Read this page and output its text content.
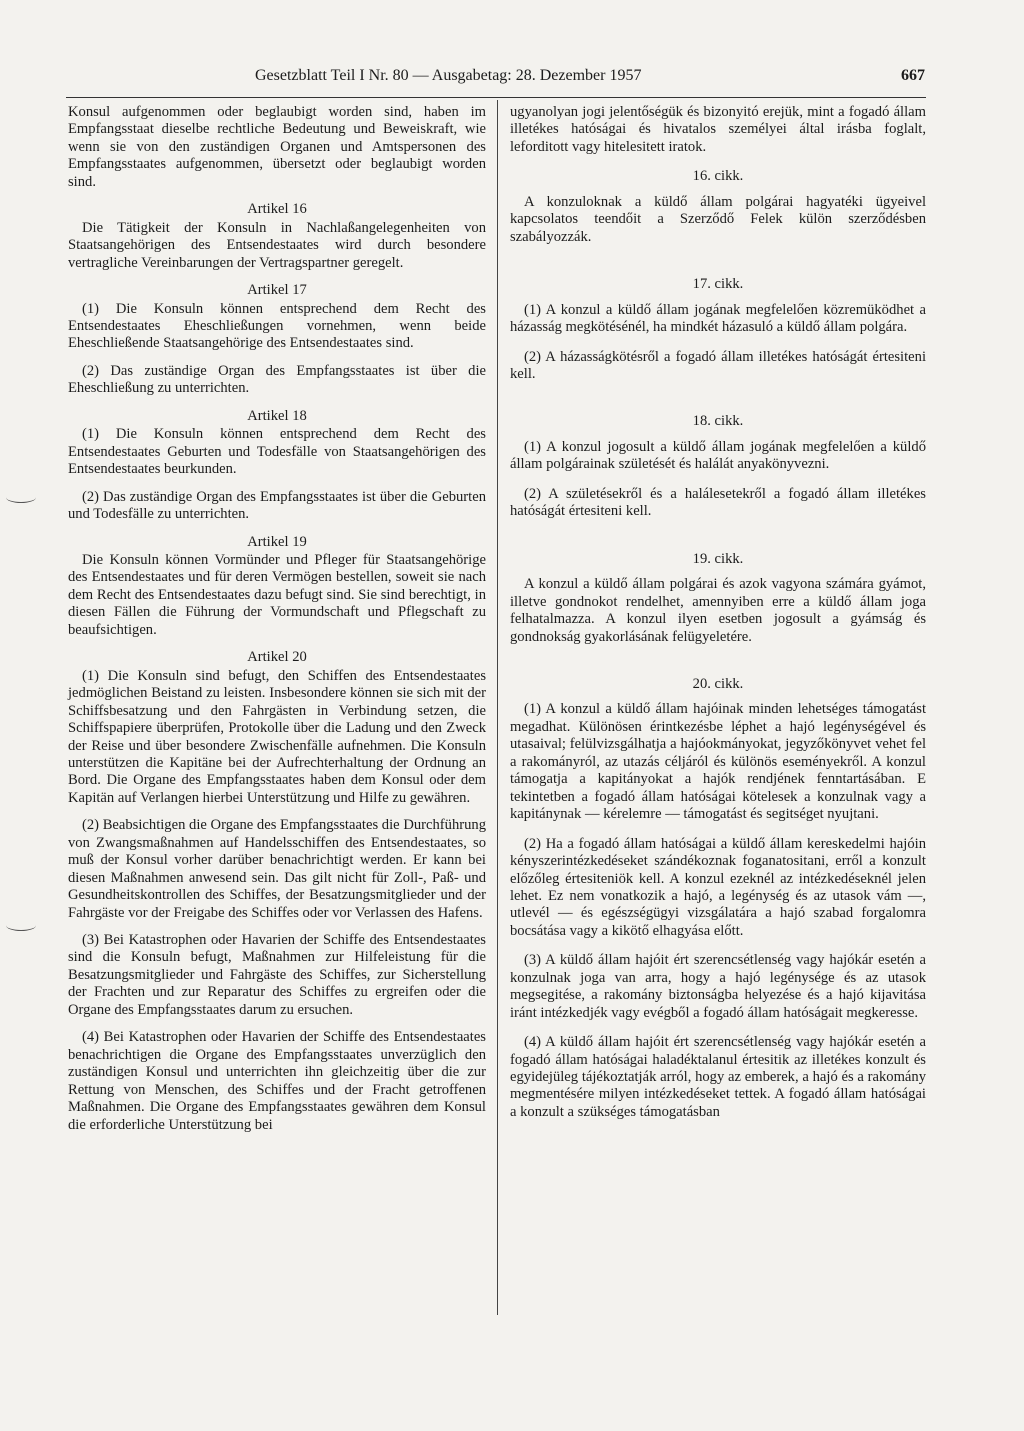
Gesetzblatt Teil I Nr. 80 — Ausgabetag: 28. Dezember 1957	667

Konsul aufgenommen oder beglaubigt worden sind, haben im Empfangsstaat dieselbe rechtliche Bedeutung und Beweiskraft, wie wenn sie von den zuständigen Organen und Amtspersonen des Empfangsstaates aufgenommen, übersetzt oder beglaubigt worden sind.

Artikel 16

Die Tätigkeit der Konsuln in Nachlaßangelegenheiten von Staatsangehörigen des Entsendestaates wird durch besondere vertragliche Vereinbarungen der Vertragspartner geregelt.

Artikel 17

(1) Die Konsuln können entsprechend dem Recht des Entsendestaates Eheschließungen vornehmen, wenn beide Eheschließende Staatsangehörige des Entsendestaates sind.

(2) Das zuständige Organ des Empfangsstaates ist über die Eheschließung zu unterrichten.

Artikel 18

(1) Die Konsuln können entsprechend dem Recht des Entsendestaates Geburten und Todesfälle von Staatsangehörigen des Entsendestaates beurkunden.

(2) Das zuständige Organ des Empfangsstaates ist über die Geburten und Todesfälle zu unterrichten.

Artikel 19

Die Konsuln können Vormünder und Pfleger für Staatsangehörige des Entsendestaates und für deren Vermögen bestellen, soweit sie nach dem Recht des Entsendestaates dazu befugt sind. Sie sind berechtigt, in diesen Fällen die Führung der Vormundschaft und Pflegschaft zu beaufsichtigen.

Artikel 20

(1) Die Konsuln sind befugt, den Schiffen des Entsendestaates jedmöglichen Beistand zu leisten. Insbesondere können sie sich mit der Schiffsbesatzung und den Fahrgästen in Verbindung setzen, die Schiffspapiere überprüfen, Protokolle über die Ladung und den Zweck der Reise und über besondere Zwischenfälle aufnehmen. Die Konsuln unterstützen die Kapitäne bei der Aufrechterhaltung der Ordnung an Bord. Die Organe des Empfangsstaates haben dem Konsul oder dem Kapitän auf Verlangen hierbei Unterstützung und Hilfe zu gewähren.

(2) Beabsichtigen die Organe des Empfangsstaates die Durchführung von Zwangsmaßnahmen auf Handelsschiffen des Entsendestaates, so muß der Konsul vorher darüber benachrichtigt werden. Er kann bei diesen Maßnahmen anwesend sein. Das gilt nicht für Zoll-, Paß- und Gesundheitskontrollen des Schiffes, der Besatzungsmitglieder und der Fahrgäste vor der Freigabe des Schiffes oder vor Verlassen des Hafens.

(3) Bei Katastrophen oder Havarien der Schiffe des Entsendestaates sind die Konsuln befugt, Maßnahmen zur Hilfeleistung für die Besatzungsmitglieder und Fahrgäste des Schiffes, zur Sicherstellung der Frachten und zur Reparatur des Schiffes zu ergreifen oder die Organe des Empfangsstaates darum zu ersuchen.

(4) Bei Katastrophen oder Havarien der Schiffe des Entsendestaates benachrichtigen die Organe des Empfangsstaates unverzüglich den zuständigen Konsul und unterrichten ihn gleichzeitig über die zur Rettung von Menschen, des Schiffes und der Fracht getroffenen Maßnahmen. Die Organe des Empfangsstaates gewähren dem Konsul die erforderliche Unterstützung bei

ugyanolyan jogi jelentőségük és bizonyitó erejük, mint a fogadó állam illetékes hatóságai és hivatalos személyei által irásba foglalt, leforditott vagy hitelesitett iratok.

16. cikk.

A konzuloknak a küldő állam polgárai hagyatéki ügyeivel kapcsolatos teendőit a Szerződő Felek külön szerződésben szabályozzák.

17. cikk.

(1) A konzul a küldő állam jogának megfelelően közremüködhet a házasság megkötésénél, ha mindkét házasuló a küldő állam polgára.

(2) A házasságkötésről a fogadó állam illetékes hatóságát értesiteni kell.

18. cikk.

(1) A konzul jogosult a küldő állam jogának megfelelően a küldő állam polgárainak születését és halálát anyakönyvezni.

(2) A születésekről és a halálesetekről a fogadó állam illetékes hatóságát értesiteni kell.

19. cikk.

A konzul a küldő állam polgárai és azok vagyona számára gyámot, illetve gondnokot rendelhet, amennyiben erre a küldő állam joga felhatalmazza. A konzul ilyen esetben jogosult a gyámság és gondnokság gyakorlásának felügyeletére.

20. cikk.

(1) A konzul a küldő állam hajóinak minden lehetséges támogatást megadhat. Különösen érintkezésbe léphet a hajó legénységével és utasaival; felülvizsgálhatja a hajóokmányokat, jegyzőkönyvet vehet fel a rakományról, az utazás céljáról és különös eseményekről. A konzul támogatja a kapitányokat a hajók rendjének fenntartásában. E tekintetben a fogadó állam hatóságai kötelesek a konzulnak vagy a kapitánynak — kérelemre — támogatást és segitséget nyujtani.

(2) Ha a fogadó állam hatóságai a küldő állam kereskedelmi hajóin kényszerintézkedéseket szándékoznak foganatositani, erről a konzult előzőleg értesiteniök kell. A konzul ezeknél az intézkedéseknél jelen lehet. Ez nem vonatkozik a hajó, a legénység és az utasok vám —, utlevél — és egészségügyi vizsgálatára a hajó szabad forgalomra bocsátása vagy a kikötő elhagyása előtt.

(3) A küldő állam hajóit ért szerencsétlenség vagy hajókár esetén a konzulnak joga van arra, hogy a hajó legénysége és az utasok megsegitése, a rakomány biztonságba helyezése és a hajó kijavitása iránt intézkedjék vagy evégből a fogadó állam hatóságait megkeresse.

(4) A küldő állam hajóit ért szerencsétlenség vagy hajókár esetén a fogadó állam hatóságai haladéktalanul értesitik az illetékes konzult és egyidejüleg tájékoztatják arról, hogy az emberek, a hajó és a rakomány megmentésére milyen intézkedéseket tettek. A fogadó állam hatóságai a konzult a szükséges támogatásban
